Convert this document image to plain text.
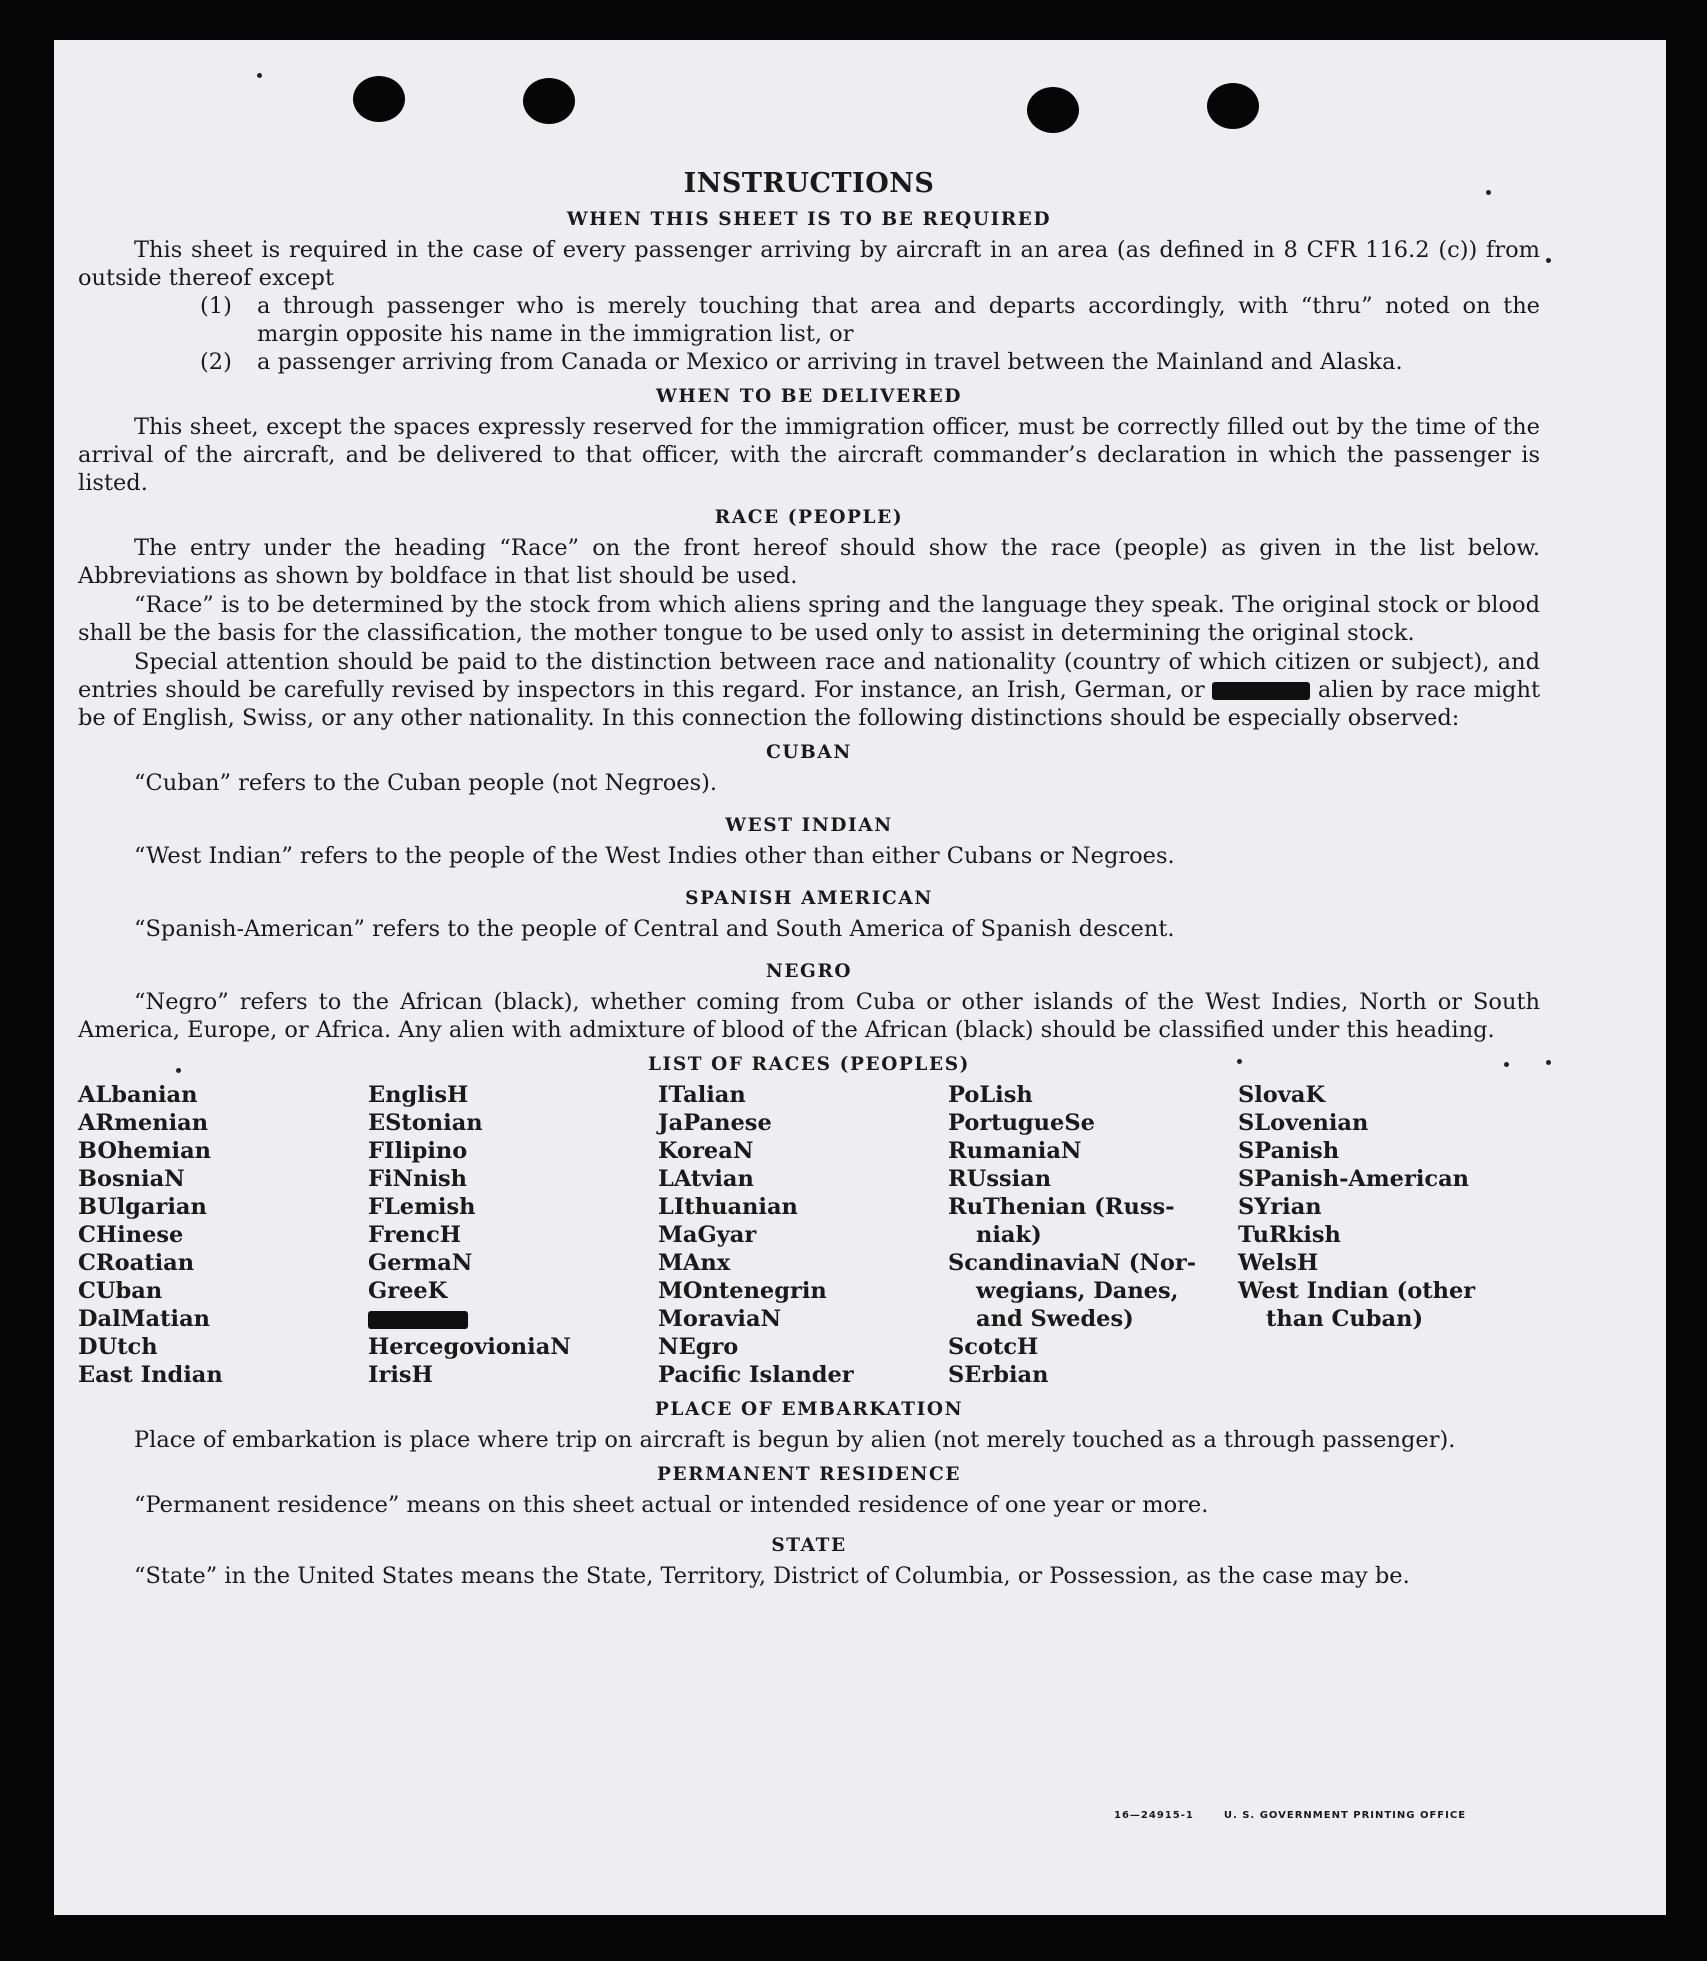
INSTRUCTIONS
WHEN THIS SHEET IS TO BE REQUIRED

This sheet is required in the case of every passenger arriving by aircraft in an area (as defined in 8 CFR 116.2 (c)) from outside thereof except

(1)	a through passenger who is merely touching that area and departs accordingly, with “thru” noted on the margin opposite his name in the immigration list, or
(2)	a passenger arriving from Canada or Mexico or arriving in travel between the Mainland and Alaska.
WHEN TO BE DELIVERED

This sheet, except the spaces expressly reserved for the immigration officer, must be correctly filled out by the time of the arrival of the aircraft, and be delivered to that officer, with the aircraft commander’s declaration in which the passenger is listed.

RACE (PEOPLE)

The entry under the heading “Race” on the front hereof should show the race (people) as given in the list below. Abbreviations as shown by boldface in that list should be used.

“Race” is to be determined by the stock from which aliens spring and the language they speak. The original stock or blood shall be the basis for the classification, the mother tongue to be used only to assist in determining the original stock.

Special attention should be paid to the distinction between race and nationality (country of which citizen or subject), and entries should be carefully revised by inspectors in this regard. For instance, an Irish, German, or	alien by race might be of English, Swiss, or any other nationality. In this connection the following distinctions should be especially observed:

CUBAN

“Cuban” refers to the Cuban people (not Negroes).

WEST INDIAN

“West Indian” refers to the people of the West Indies other than either Cubans or Negroes.

SPANISH AMERICAN

“Spanish-American” refers to the people of Central and South America of Spanish descent.

NEGRO

“Negro” refers to the African (black), whether coming from Cuba or other islands of the West Indies, North or South America, Europe, or Africa. Any alien with admixture of blood of the African (black) should be classified under this heading.

LIST OF RACES (PEOPLES)
ALbanian
ARmenian
BOhemian
BosniaN
BUlgarian
CHinese
CRoatian
CUban
DalMatian
DUtch
East Indian
EnglisH
EStonian
FIlipino
FiNnish
FLemish
FrencH
GermaN
GreeK
HercegovioniaN
IrisH
ITalian
JaPanese
KoreaN
LAtvian
LIthuanian
MaGyar
MAnx
MOntenegrin
MoraviaN
NEgro
Pacific Islander
PoLish
PortugueSe
RumaniaN
RUssian
RuThenian (Russ-
niak)
ScandinaviaN (Nor-
wegians, Danes,
and Swedes)
ScotcH
SErbian
SlovaK
SLovenian
SPanish
SPanish-American
SYrian
TuRkish
WelsH
West Indian (other
than Cuban)
PLACE OF EMBARKATION

Place of embarkation is place where trip on aircraft is begun by alien (not merely touched as a through passenger).

PERMANENT RESIDENCE

“Permanent residence” means on this sheet actual or intended residence of one year or more.

STATE

“State” in the United States means the State, Territory, District of Columbia, or Possession, as the case may be.

16—24915-1	U. S. GOVERNMENT PRINTING OFFICE
